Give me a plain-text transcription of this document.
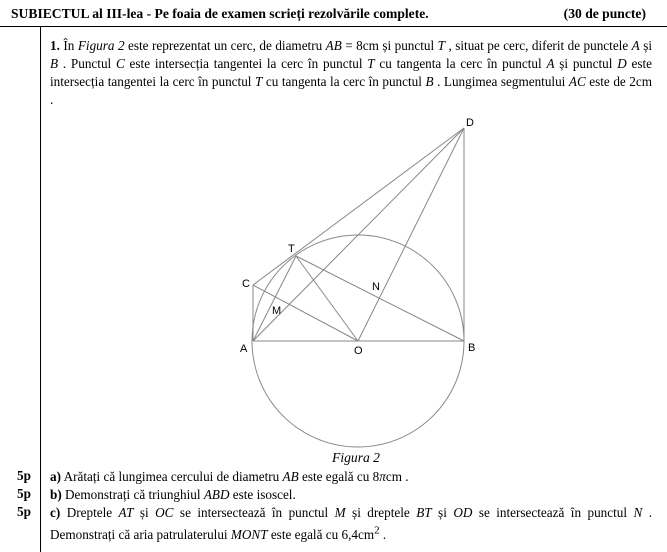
SUBIECTUL al III-lea - Pe foaia de examen scrieți rezolvările complete.	(30 de puncte)
1. În Figura 2 este reprezentat un cerc, de diametru AB = 8cm și punctul T , situat pe cerc, diferit de punctele A și B . Punctul C este intersecția tangentei la cerc în punctul T cu tangenta la cerc în punctul A și punctul D este intersecția tangentei la cerc în punctul T cu tangenta la cerc în punctul B . Lungimea segmentului AC este de 2cm .
D
T
C	N
M
A	O	B
Figura 2
5p a) Arătați că lungimea cercului de diametru AB este egală cu 8πcm .
5p b) Demonstrați că triunghiul ABD este isoscel.
5p c) Dreptele AT și OC se intersectează în punctul M și dreptele BT și OD se intersectează în punctul N . Demonstrați că aria patrulaterului MONT este egală cu $6,4cm^2$ .
